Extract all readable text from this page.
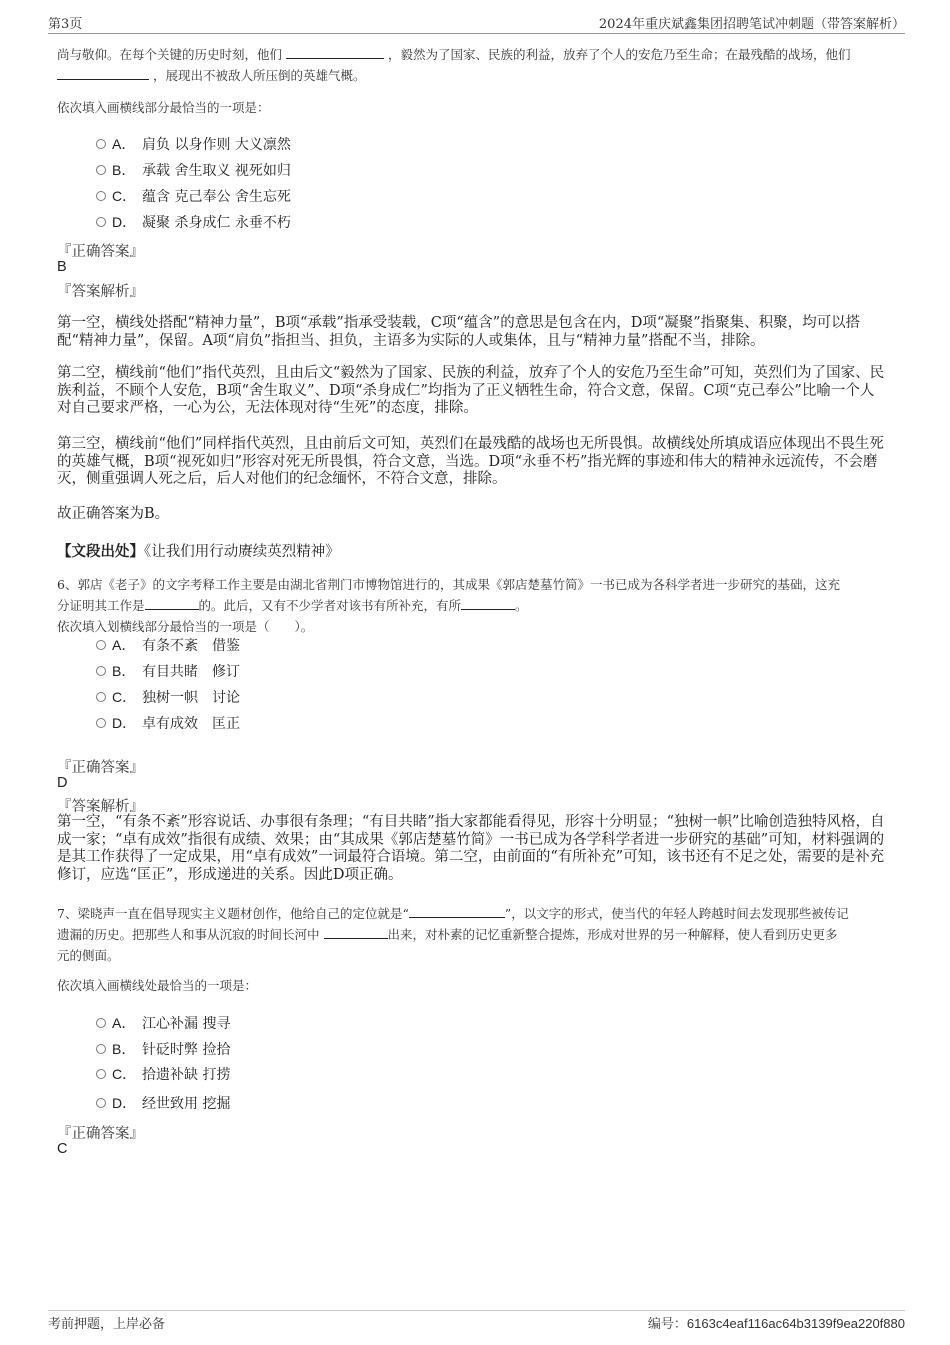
第3页	2024年重庆斌鑫集团招聘笔试冲刺题（带答案解析）
尚与敬仰。在每个关键的历史时刻，他们	，毅然为了国家、民族的利益，放弃了个人的安危乃至生命；在最残酷的战场，他们
，展现出不被敌人所压倒的英雄气概。
依次填入画横线部分最恰当的一项是：
A． 肩负 以身作则 大义凛然
B． 承载 舍生取义 视死如归
C． 蕴含 克己奉公 舍生忘死
D． 凝聚 杀身成仁 永垂不朽
『正确答案』
B
『答案解析』
第一空，横线处搭配“精神力量”，B项“承载”指承受装载，C项“蕴含”的意思是包含在内，D项“凝聚”指聚集、积聚，均可以搭配“精神力量”，保留。A项“肩负”指担当、担负，主语多为实际的人或集体，且与“精神力量”搭配不当，排除。
第二空，横线前“他们”指代英烈，且由后文“毅然为了国家、民族的利益，放弃了个人的安危乃至生命”可知，英烈们为了国家、民族利益，不顾个人安危，B项“舍生取义”、D项“杀身成仁”均指为了正义牺牲生命，符合文意，保留。C项“克己奉公”比喻一个人对自己要求严格，一心为公，无法体现对待“生死”的态度，排除。
第三空，横线前“他们”同样指代英烈，且由前后文可知，英烈们在最残酷的战场也无所畏惧。故横线处所填成语应体现出不畏生死的英雄气概，B项“视死如归”形容对死无所畏惧，符合文意，当选。D项“永垂不朽”指光辉的事迹和伟大的精神永远流传，不会磨灭，侧重强调人死之后，后人对他们的纪念缅怀，不符合文意，排除。
故正确答案为B。
【文段出处】《让我们用行动赓续英烈精神》
6、郭店《老子》的文字考释工作主要是由湖北省荆门市博物馆进行的，其成果《郭店楚墓竹简》一书已成为各科学者进一步研究的基础，这充
分证明其工作是	的。此后，又有不少学者对该书有所补充，有所	。
依次填入划横线部分最恰当的一项是（　　）。
A． 有条不紊　借鉴
B． 有目共睹　修订
C． 独树一帜　讨论
D． 卓有成效　匡正
『正确答案』
D
『答案解析』
第一空，“有条不紊”形容说话、办事很有条理；“有目共睹”指大家都能看得见，形容十分明显；“独树一帜”比喻创造独特风格，自成一家；“卓有成效”指很有成绩、效果；由“其成果《郭店楚墓竹简》一书已成为各学科学者进一步研究的基础”可知，材料强调的是其工作获得了一定成果，用“卓有成效”一词最符合语境。第二空，由前面的“有所补充”可知，该书还有不足之处，需要的是补充修订，应选“匡正”，形成递进的关系。因此D项正确。
7、梁晓声一直在倡导现实主义题材创作，他给自己的定位就是“	”，以文字的形式，使当代的年轻人跨越时间去发现那些被传记
遗漏的历史。把那些人和事从沉寂的时间长河中	出来，对朴素的记忆重新整合提炼，形成对世界的另一种解释，使人看到历史更多
元的侧面。
依次填入画横线处最恰当的一项是：
A． 江心补漏 搜寻
B． 针砭时弊 捡拾
C． 拾遗补缺 打捞
D． 经世致用 挖掘
『正确答案』
C
考前押题，上岸必备	编号：6163c4eaf116ac64b3139f9ea220f880
